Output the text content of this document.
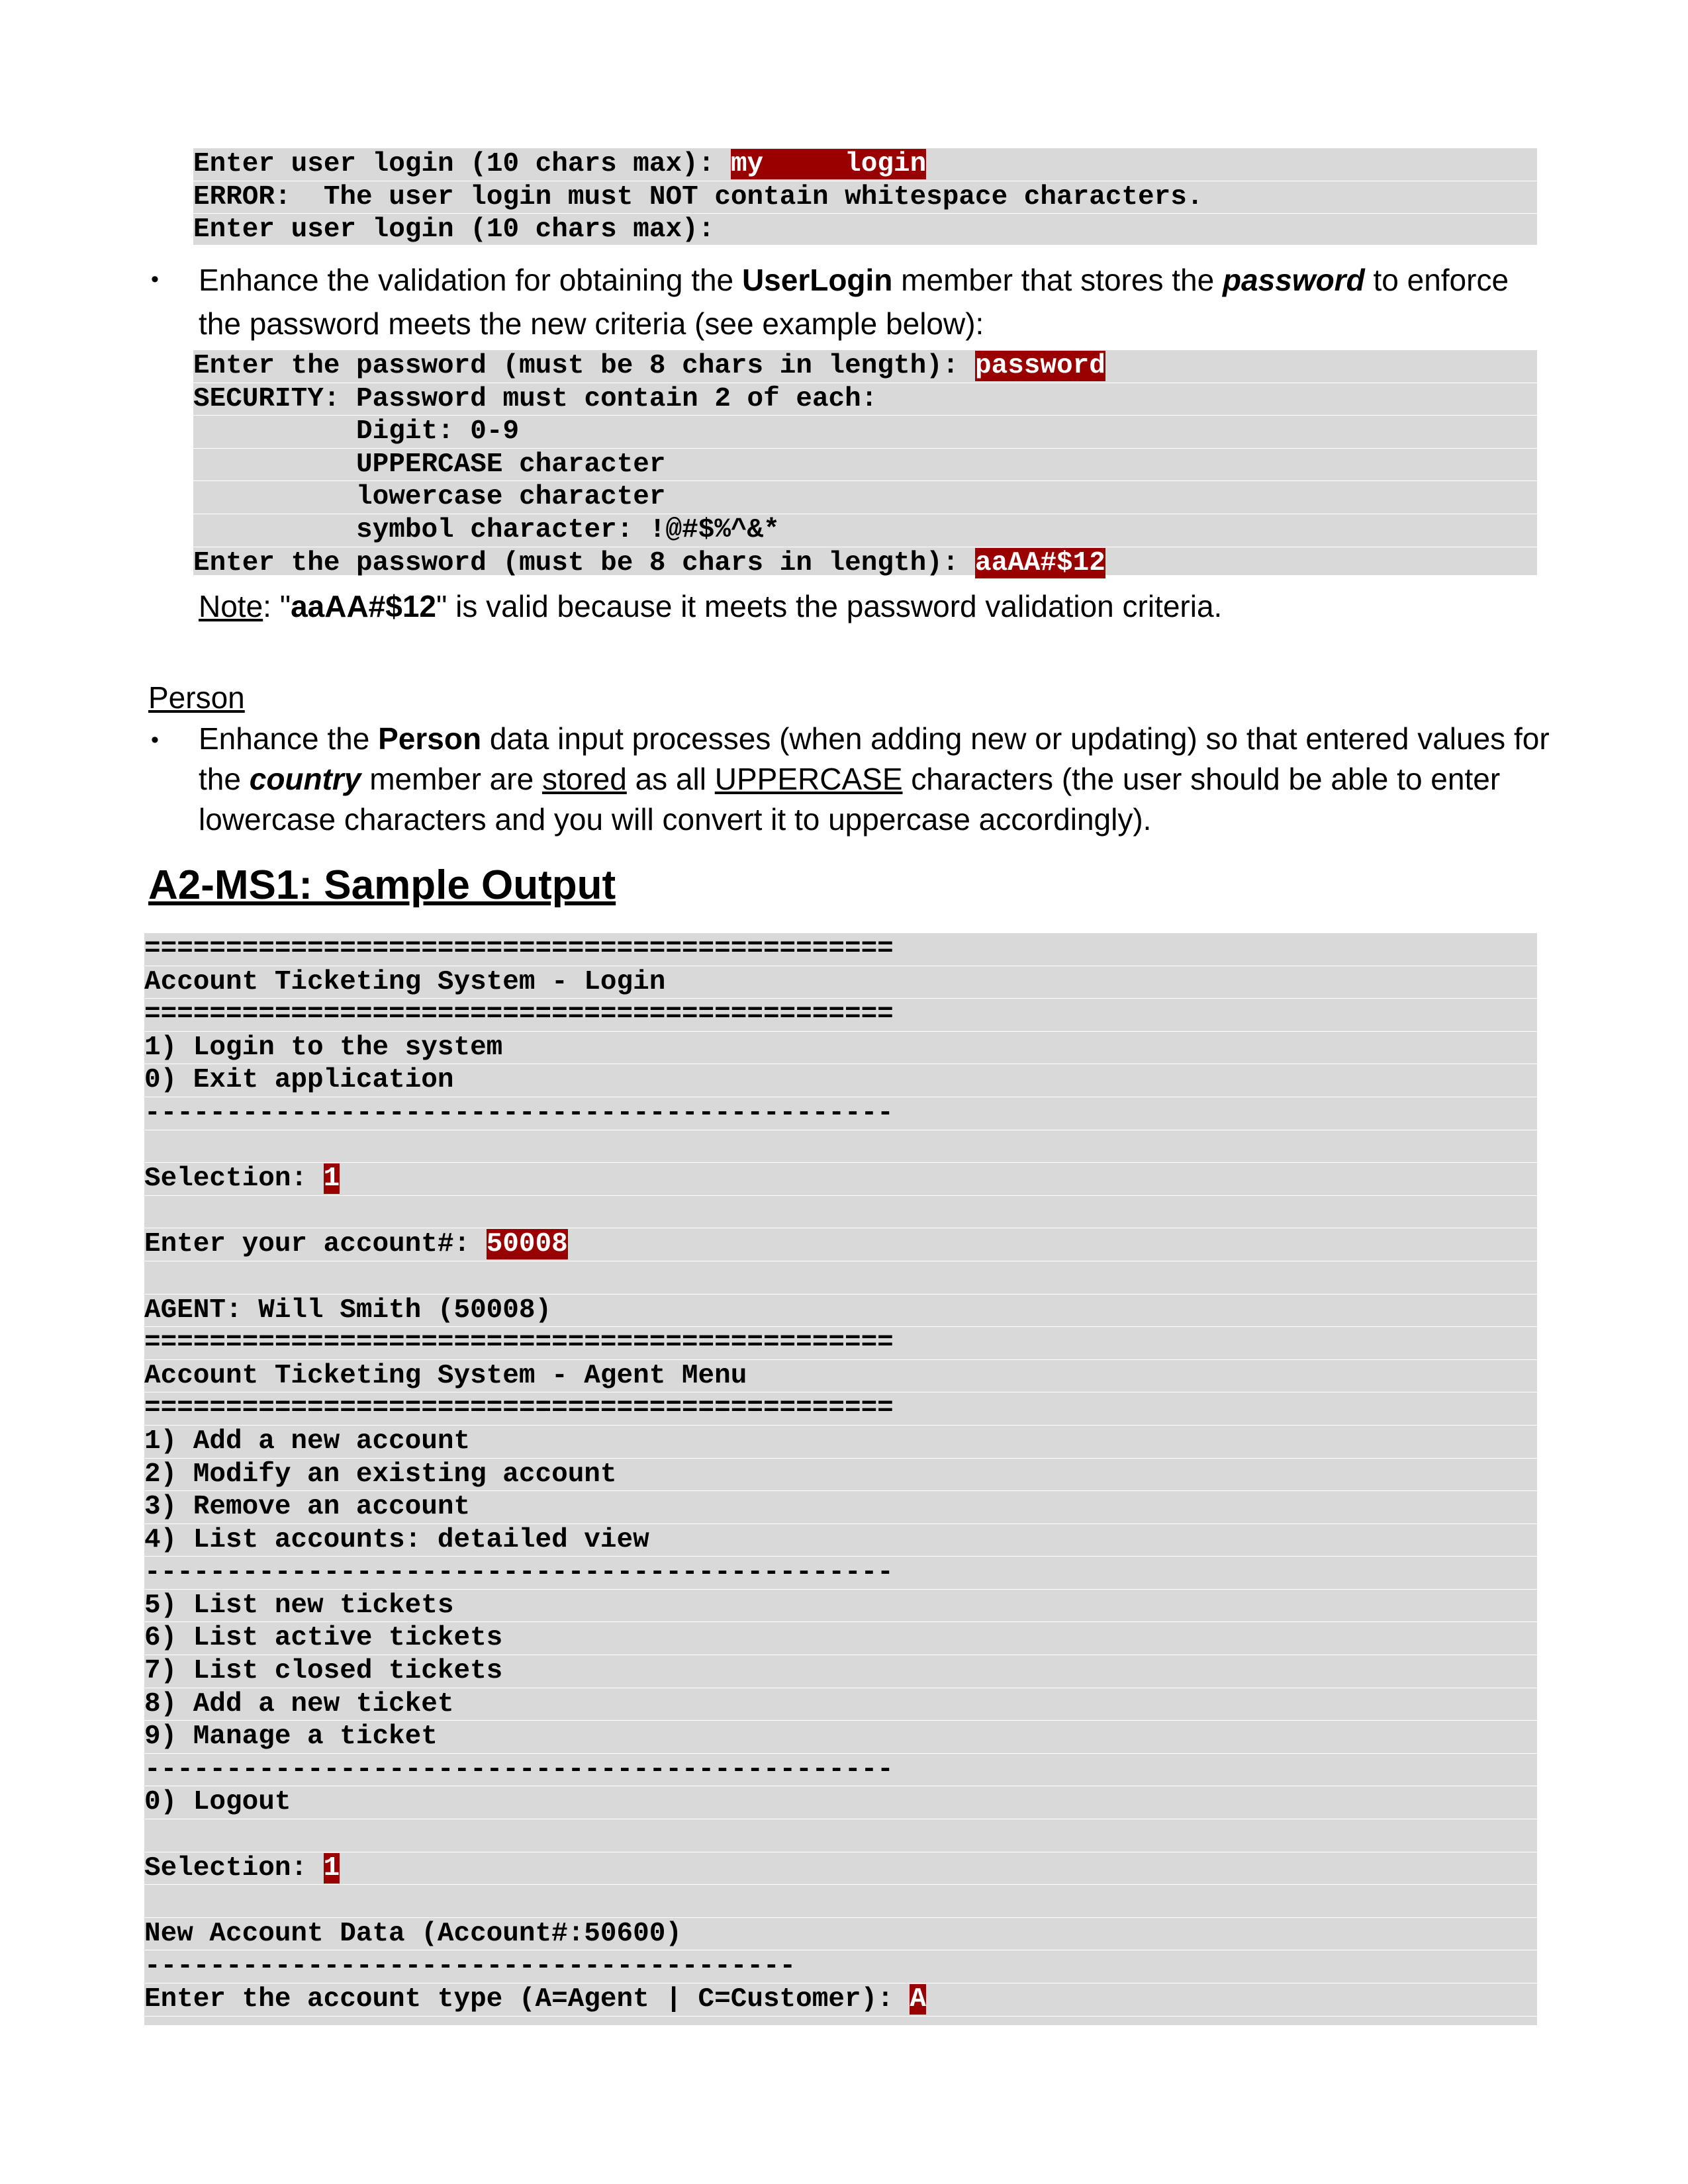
Enter user login (10 chars max): my     login
ERROR:  The user login must NOT contain whitespace characters.
Enter user login (10 chars max):
• Enhance the validation for obtaining the UserLogin member that stores the password to enforce
the password meets the new criteria (see example below):
Enter the password (must be 8 chars in length): password
SECURITY: Password must contain 2 of each:
Digit: 0-9
UPPERCASE character
lowercase character
symbol character: !@#$%^&*
Enter the password (must be 8 chars in length): aaAA#$12
Note: "aaAA#$12" is valid because it meets the password validation criteria.
Person
• Enhance the Person data input processes (when adding new or updating) so that entered values for
the country member are stored as all UPPERCASE characters (the user should be able to enter
lowercase characters and you will convert it to uppercase accordingly).
A2-MS1: Sample Output
==============================================
Account Ticketing System - Login
==============================================
1) Login to the system
0) Exit application
----------------------------------------------
Selection: 1
Enter your account#: 50008
AGENT: Will Smith (50008)
==============================================
Account Ticketing System - Agent Menu
==============================================
1) Add a new account
2) Modify an existing account
3) Remove an account
4) List accounts: detailed view
----------------------------------------------
5) List new tickets
6) List active tickets
7) List closed tickets
8) Add a new ticket
9) Manage a ticket
----------------------------------------------
0) Logout
Selection: 1
New Account Data (Account#:50600)
----------------------------------------
Enter the account type (A=Agent | C=Customer): A
